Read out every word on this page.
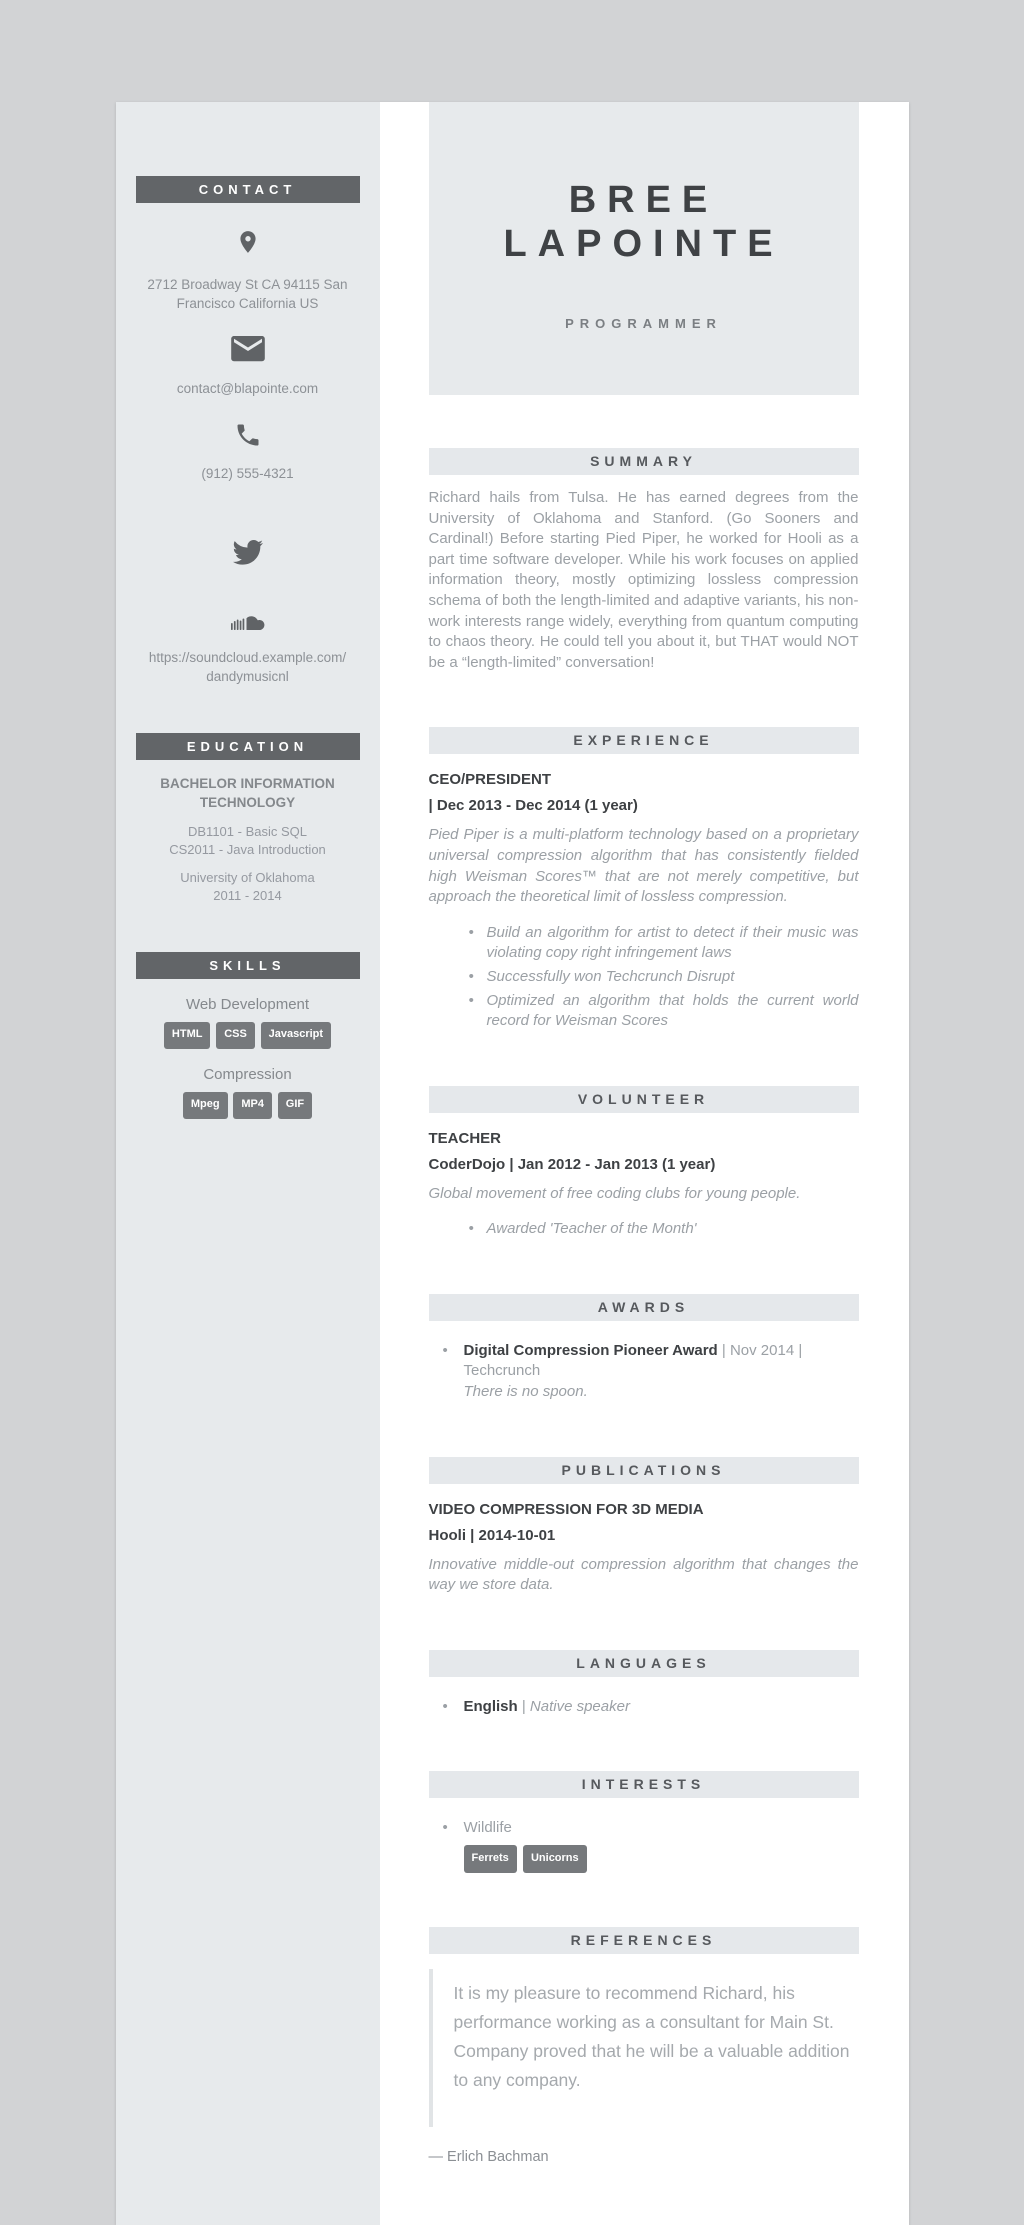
CONTACT
2712 Broadway St CA 94115 San
Francisco California US
contact@blapointe.com
(912) 555-4321
https://soundcloud.example.com/
dandymusicnl
EDUCATION
BACHELOR INFORMATION
TECHNOLOGY
DB1101 - Basic SQL
CS2011 - Java Introduction
University of Oklahoma
2011 - 2014
SKILLS
Web Development
HTML CSS Javascript
Compression
Mpeg MP4 GIF
BREE
LAPOINTE
PROGRAMMER
SUMMARY

Richard hails from Tulsa. He has earned degrees from the University of Oklahoma and Stanford. (Go Sooners and Cardinal!) Before starting Pied Piper, he worked for Hooli as a part time software developer. While his work focuses on applied information theory, mostly optimizing lossless compression schema of both the length-limited and adaptive variants, his non-work interests range widely, everything from quantum computing to chaos theory. He could tell you about it, but THAT would NOT be a “length-limited” conversation!

EXPERIENCE
CEO/PRESIDENT
| Dec 2013 - Dec 2014 (1 year)

Pied Piper is a multi-platform technology based on a proprietary universal compression algorithm that has consistently fielded high Weisman Scores™ that are not merely competitive, but approach the theoretical limit of lossless compression.

• Build an algorithm for artist to detect if their music was violating copy right infringement laws
• Successfully won Techcrunch Disrupt
• Optimized an algorithm that holds the current world record for Weisman Scores
VOLUNTEER
TEACHER
CoderDojo | Jan 2012 - Jan 2013 (1 year)

Global movement of free coding clubs for young people.

• Awarded 'Teacher of the Month'
AWARDS
• Digital Compression Pioneer Award | Nov 2014 |
Techcrunch
There is no spoon.
PUBLICATIONS
VIDEO COMPRESSION FOR 3D MEDIA
Hooli | 2014-10-01

Innovative middle-out compression algorithm that changes the way we store data.

LANGUAGES
• English | Native speaker
INTERESTS
• Wildlife
Ferrets Unicorns
REFERENCES
It is my pleasure to recommend Richard, his performance working as a consultant for Main St. Company proved that he will be a valuable addition to any company.
— Erlich Bachman
